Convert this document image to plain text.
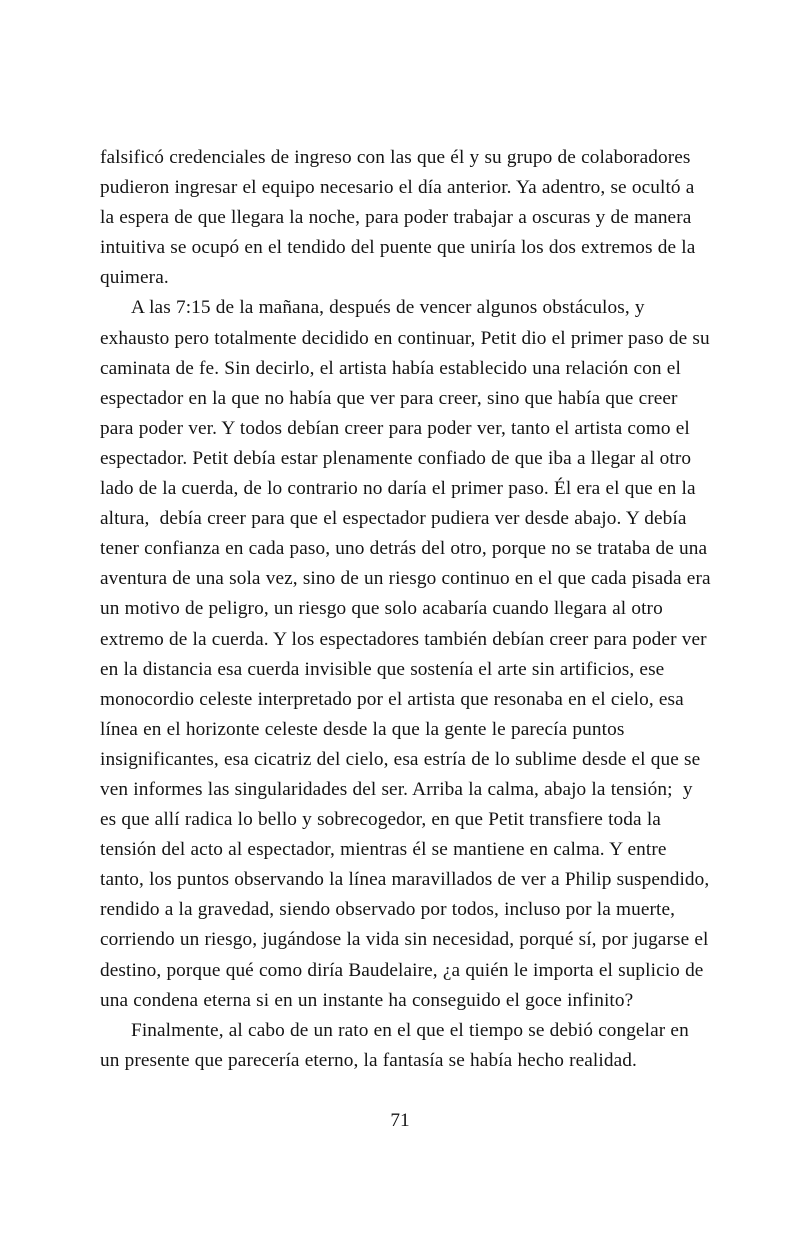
falsificó credenciales de ingreso con las que él y su grupo de colaboradores pudieron ingresar el equipo necesario el día anterior. Ya adentro, se ocultó a la espera de que llegara la noche, para poder trabajar a oscuras y de manera intuitiva se ocupó en el tendido del puente que uniría los dos extremos de la quimera.

A las 7:15 de la mañana, después de vencer algunos obstáculos, y exhausto pero totalmente decidido en continuar, Petit dio el primer paso de su caminata de fe. Sin decirlo, el artista había establecido una relación con el espectador en la que no había que ver para creer, sino que había que creer para poder ver. Y todos debían creer para poder ver, tanto el artista como el espectador. Petit debía estar plenamente confiado de que iba a llegar al otro lado de la cuerda, de lo contrario no daría el primer paso. Él era el que en la altura,  debía creer para que el espectador pudiera ver desde abajo. Y debía tener confianza en cada paso, uno detrás del otro, porque no se trataba de una aventura de una sola vez, sino de un riesgo continuo en el que cada pisada era un motivo de peligro, un riesgo que solo acabaría cuando llegara al otro extremo de la cuerda. Y los espectadores también debían creer para poder ver en la distancia esa cuerda invisible que sostenía el arte sin artificios, ese monocordio celeste interpretado por el artista que resonaba en el cielo, esa línea en el horizonte celeste desde la que la gente le parecía puntos insignificantes, esa cicatriz del cielo, esa estría de lo sublime desde el que se ven informes las singularidades del ser. Arriba la calma, abajo la tensión;  y es que allí radica lo bello y sobrecogedor, en que Petit transfiere toda la tensión del acto al espectador, mientras él se mantiene en calma. Y entre tanto, los puntos observando la línea maravillados de ver a Philip suspendido, rendido a la gravedad, siendo observado por todos, incluso por la muerte, corriendo un riesgo, jugándose la vida sin necesidad, porqué sí, por jugarse el destino, porque qué como diría Baudelaire, ¿a quién le importa el suplicio de una condena eterna si en un instante ha conseguido el goce infinito?

Finalmente, al cabo de un rato en el que el tiempo se debió congelar en un presente que parecería eterno, la fantasía se había hecho realidad.

71
